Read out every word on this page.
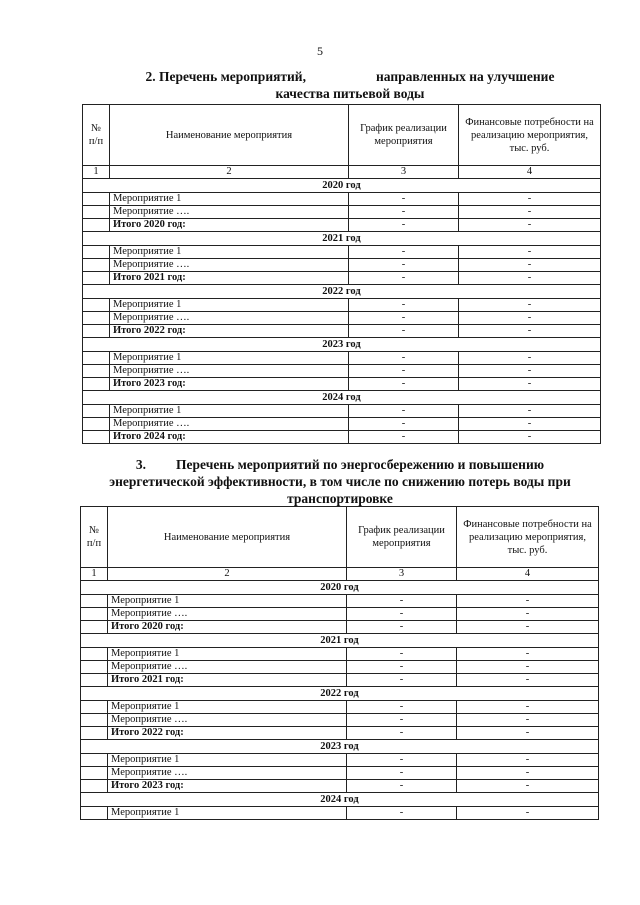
5
2. Перечень мероприятий,	направленных на улучшение
качества питьевой воды
№ п/п	Наименование мероприятия	График реализации мероприятия	Финансовые потребности на реализацию мероприятия, тыс. руб.
1	2	3	4
2020 год			
	Мероприятие 1	-	-
	Мероприятие ….	-	-
	Итого 2020 год:	-	-
2021 год			
	Мероприятие 1	-	-
	Мероприятие ….	-	-
	Итого 2021 год:	-	-
2022 год			
	Мероприятие 1	-	-
	Мероприятие ….	-	-
	Итого 2022 год:	-	-
2023 год			
	Мероприятие 1	-	-
	Мероприятие ….	-	-
	Итого 2023 год:	-	-
2024 год			
	Мероприятие 1	-	-
	Мероприятие ….	-	-
	Итого 2024 год:	-	-
3. Перечень мероприятий по энергосбережению и повышению
энергетической эффективности, в том числе по снижению потерь воды при
транспортировке
№ п/п	Наименование мероприятия	График реализации мероприятия	Финансовые потребности на реализацию мероприятия, тыс. руб.
1	2	3	4
2020 год			
	Мероприятие 1	-	-
	Мероприятие ….	-	-
	Итого 2020 год:	-	-
2021 год			
	Мероприятие 1	-	-
	Мероприятие ….	-	-
	Итого 2021 год:	-	-
2022 год			
	Мероприятие 1	-	-
	Мероприятие ….	-	-
	Итого 2022 год:	-	-
2023 год			
	Мероприятие 1	-	-
	Мероприятие ….	-	-
	Итого 2023 год:	-	-
2024 год			
	Мероприятие 1	-	-
